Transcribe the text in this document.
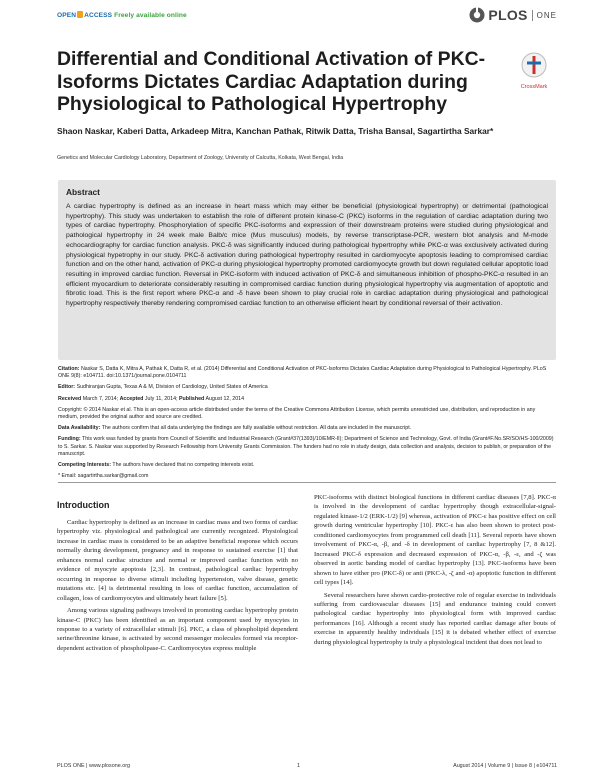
OPEN ACCESS Freely available online	PLOS ONE
Differential and Conditional Activation of PKC-Isoforms Dictates Cardiac Adaptation during Physiological to Pathological Hypertrophy
CrossMark
Shaon Naskar, Kaberi Datta, Arkadeep Mitra, Kanchan Pathak, Ritwik Datta, Trisha Bansal, Sagartirtha Sarkar*
Genetics and Molecular Cardiology Laboratory, Department of Zoology, University of Calcutta, Kolkata, West Bengal, India
Abstract
A cardiac hypertrophy is defined as an increase in heart mass which may either be beneficial (physiological hypertrophy) or detrimental (pathological hypertrophy). This study was undertaken to establish the role of different protein kinase-C (PKC) isoforms in the regulation of cardiac adaptation during two types of cardiac hypertrophy. Phosphorylation of specific PKC-isoforms and expression of their downstream proteins were studied during physiological and pathological hypertrophy in 24 week male Balb/c mice (Mus musculus) models, by reverse transcriptase-PCR, western blot analysis and M-mode echocardiography for cardiac function analysis. PKC-δ was significantly induced during pathological hypertrophy while PKC-α was exclusively activated during physiological hypetrophy in our study. PKC-δ activation during pathological hypertrophy resulted in cardiomyocyte apoptosis leading to compromised cardiac function and on the other hand, activation of PKC-α during physiological hypertrophy promoted cardiomyocyte growth but down regulated cellular apoptotic load resulting in improved cardiac function. Reversal in PKC-isoform with induced activation of PKC-δ and simultaneous inhibition of phospho-PKC-α resulted in an efficient myocardium to deteriorate considerably resulting in compromised cardiac function during physiological hypertrophy via augmentation of apoptotic and fibrotic load. This is the first report where PKC-α and -δ have been shown to play crucial role in cardiac adaptation during physiological and pathological hypertrophy respectively thereby rendering compromised cardiac function to an otherwise efficient heart by conditional reversal of their activation.

Citation: Naskar S, Datta K, Mitra A, Pathak K, Datta R, et al. (2014) Differential and Conditional Activation of PKC-Isoforms Dictates Cardiac Adaptation during Physiological to Pathological Hypertrophy. PLoS ONE 9(8): e104711. doi:10.1371/journal.pone.0104711

Editor: Sudhiranjan Gupta, Texas A & M, Division of Cardiology, United States of America

Received March 7, 2014; Accepted July 11, 2014; Published August 12, 2014

Copyright: © 2014 Naskar et al. This is an open-access article distributed under the terms of the Creative Commons Attribution License, which permits unrestricted use, distribution, and reproduction in any medium, provided the original author and source are credited.

Data Availability: The authors confirm that all data underlying the findings are fully available without restriction. All data are included in the manuscript.

Funding: This work was funded by grants from Council of Scientific and Industrial Research (Grant#37(1393)/10/EMR-II); Department of Science and Technology, Govt. of India (Grant#F.No.SR/SO/HS-100/2009) to S. Sarkar. S. Naskar was supported by Research Fellowship from University Grants Commission. The funders had no role in study design, data collection and analysis, decision to publish, or preparation of the manuscript.

Competing Interests: The authors have declared that no competing interests exist.

* Email: sagartirtha.sarkar@gmail.com

Introduction

Cardiac hypertrophy is defined as an increase in cardiac mass and two forms of cardiac hypertrophy viz. physiological and pathological are currently recognized. Physiological increase in cardiac mass is considered to be an adaptive beneficial response which occurs normally during development, pregnancy and in response to sustained exercise [1] that enhances normal cardiac structure and normal or improved cardiac function with no evidence of myocyte apoptosis [2,3]. In contrast, pathological cardiac hypertrophy occurring in response to diverse stimuli including hypertension, valve disease, genetic mutations etc. [4] is detrimental resulting in loss of cardiac function, accumulation of collagen, loss of cardiomyocytes and ultimately heart failure [5].

Among various signaling pathways involved in promoting cardiac hypertrophy protein kinase-C (PKC) has been identified as an important component used by myocytes in response to a variety of extracellular stimuli [6]. PKC, a class of phospholipid dependent serine/threonine kinase, is activated by second messenger molecules formed via receptor-dependent activation of phospholipase-C. Cardiomyocytes express multiple

PKC-isoforms with distinct biological functions in different cardiac diseases [7,8]. PKC-α is involved in the development of cardiac hypertrophy though extracellular-signal-regulated kinase-1/2 (ERK-1/2) [9] whereas, activation of PKC-ε has positive effect on cell growth during ventricular hypertrophy [10]. PKC-ε has also been shown to protect post-conditioned cardiomyocytes from programmed cell death [11]. Several reports have shown involvement of PKC-α, -β, and -δ in development of cardiac hypertrophy [7, 8 &12]. Increased PKC-δ expression and decreased expression of PKC-α, -β, -ε, and -ζ was observed in aortic banding model of cardiac hypertrophy [13]. PKC-isoforms have been shown to have either pro (PKC-δ) or anti (PKC-λ, -ζ and -α) apoptotic function in different cell types [14].

Several researchers have shown cardio-protective role of regular exercise in individuals suffering from cardiovascular diseases [15] and endurance training could convert pathological cardiac hypertrophy into physiological form with improved cardiac performances [16]. Although a recent study has reported cardiac damage after bouts of exercise in apparently healthy individuals [15] it is debated whether effect of exercise during physiological hypertrophy is truly a physiological incident that does not lead to

PLOS ONE | www.plosone.org	1	August 2014 | Volume 9 | Issue 8 | e104711
